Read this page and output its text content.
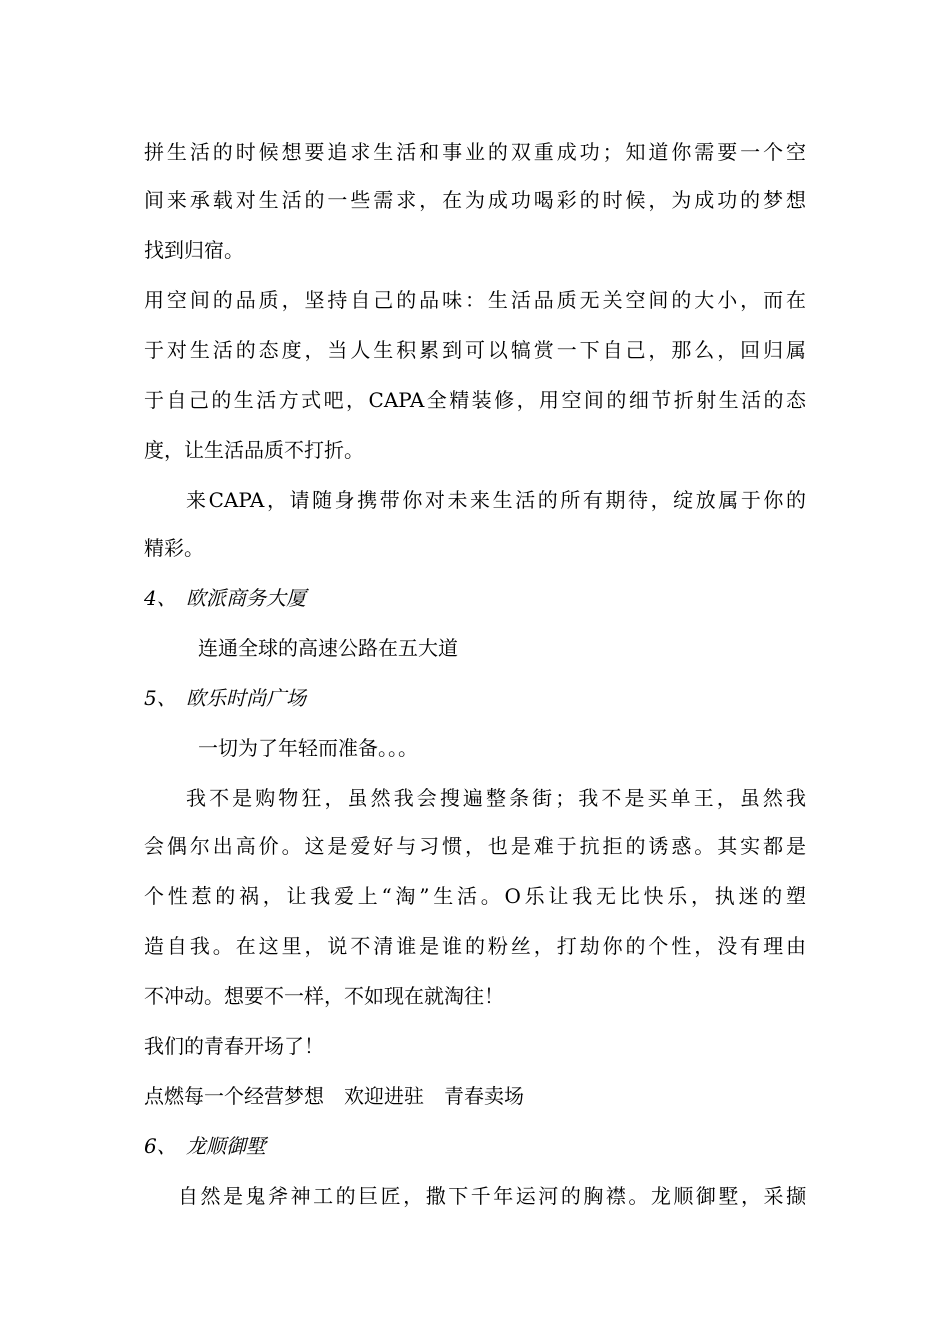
拼生活的时候想要追求生活和事业的双重成功；知道你需要一个空
间来承载对生活的一些需求，在为成功喝彩的时候，为成功的梦想
找到归宿。
用空间的品质，坚持自己的品味：生活品质无关空间的大小，而在
于对生活的态度，当人生积累到可以犒赏一下自己，那么，回归属
于自己的生活方式吧，CAPA全精装修，用空间的细节折射生活的态
度，让生活品质不打折。
来CAPA，请随身携带你对未来生活的所有期待，绽放属于你的
精彩。
4、 欧派商务大厦
连通全球的高速公路在五大道
5、 欧乐时尚广场
一切为了年轻而准备。。。
我不是购物狂，虽然我会搜遍整条街；我不是买单王，虽然我
会偶尔出高价。这是爱好与习惯，也是难于抗拒的诱惑。其实都是
个性惹的祸，让我爱上“淘”生活。O乐让我无比快乐，执迷的塑
造自我。在这里，说不清谁是谁的粉丝，打劫你的个性，没有理由
不冲动。想要不一样，不如现在就淘往！
我们的青春开场了！
点燃每一个经营梦想　欢迎进驻　青春卖场
6、 龙顺御墅
自然是鬼斧神工的巨匠，撒下千年运河的胸襟。龙顺御墅，采撷
